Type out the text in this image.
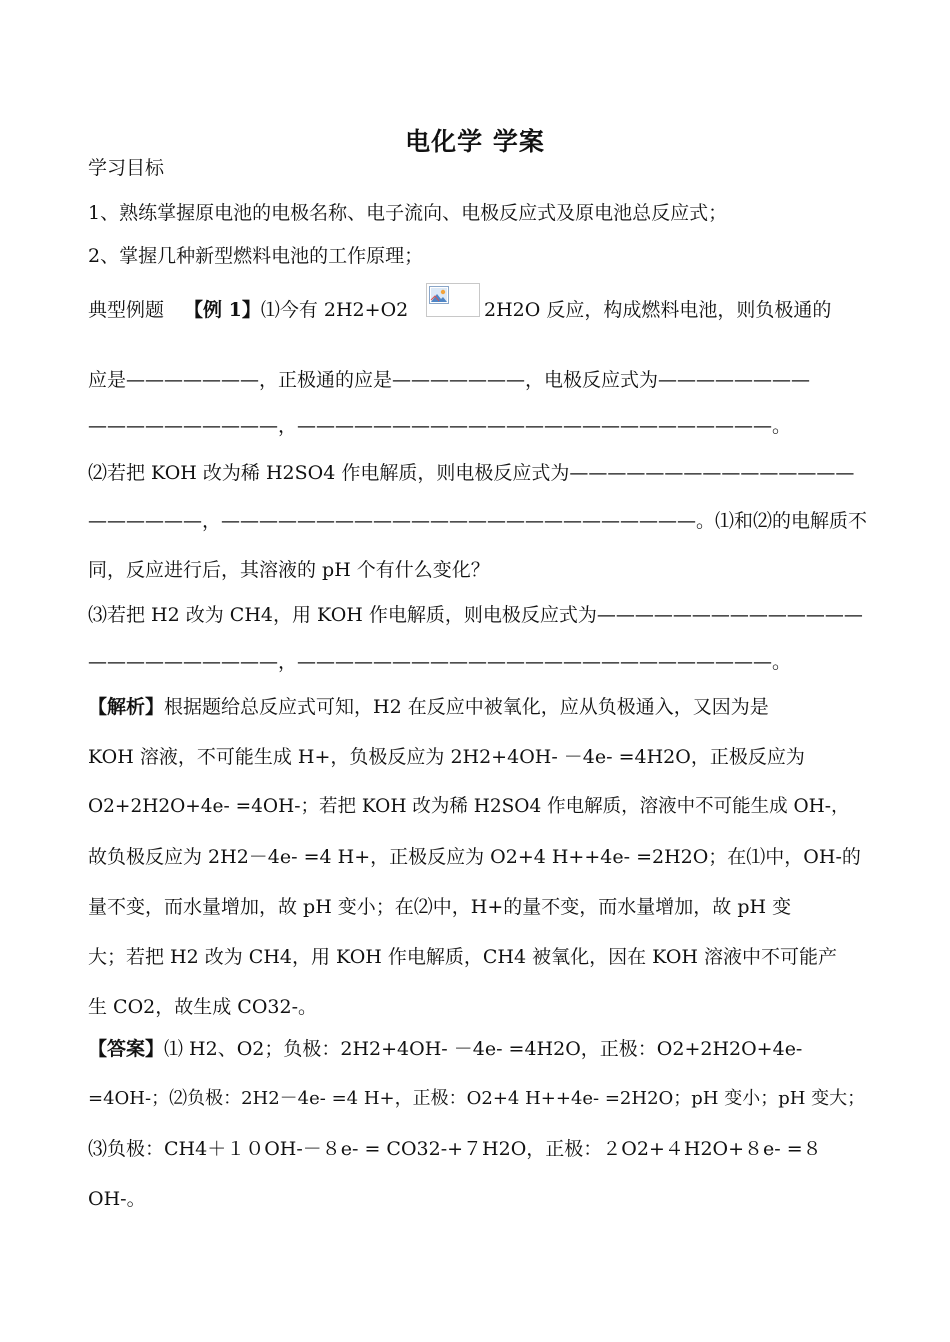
电化学 学案
学习目标
1、熟练掌握原电池的电极名称、电子流向、电极反应式及原电池总反应式；
2、掌握几种新型燃料电池的工作原理；
典型例题 【例 1】⑴今有 2H2+O2	2H2O 反应，构成燃料电池，则负极通的
应是———————，正极通的应是———————，电极反应式为————————
——————————，—————————————————————————。
⑵若把 KOH 改为稀 H2SO4 作电解质，则电极反应式为———————————————
——————，—————————————————————————。⑴和⑵的电解质不
同，反应进行后，其溶液的 pH 个有什么变化？
⑶若把 H2 改为 CH4，用 KOH 作电解质，则电极反应式为——————————————
——————————，—————————————————————————。
【解析】根据题给总反应式可知，H2 在反应中被氧化，应从负极通入，又因为是
KOH 溶液，不可能生成 H+，负极反应为 2H2+4OH- －4e- =4H2O，正极反应为
O2+2H2O+4e- =4OH-；若把 KOH 改为稀 H2SO4 作电解质，溶液中不可能生成 OH-，
故负极反应为 2H2－4e- =4 H+，正极反应为 O2+4 H++4e- =2H2O；在⑴中，OH-的
量不变，而水量增加，故 pH 变小；在⑵中，H+的量不变，而水量增加，故 pH 变
大；若把 H2 改为 CH4，用 KOH 作电解质，CH4 被氧化，因在 KOH 溶液中不可能产
生 CO2，故生成 CO32-。
【答案】⑴ H2、O2；负极：2H2+4OH- －4e- =4H2O，正极：O2+2H2O+4e-
=4OH-；⑵负极：2H2－4e- =4 H+，正极：O2+4 H++4e- =2H2O；pH 变小；pH 变大；
⑶负极：CH4＋１０OH-－８e- = CO32-+７H2O，正极：２O2+４H2O+８e- =８
OH-。
